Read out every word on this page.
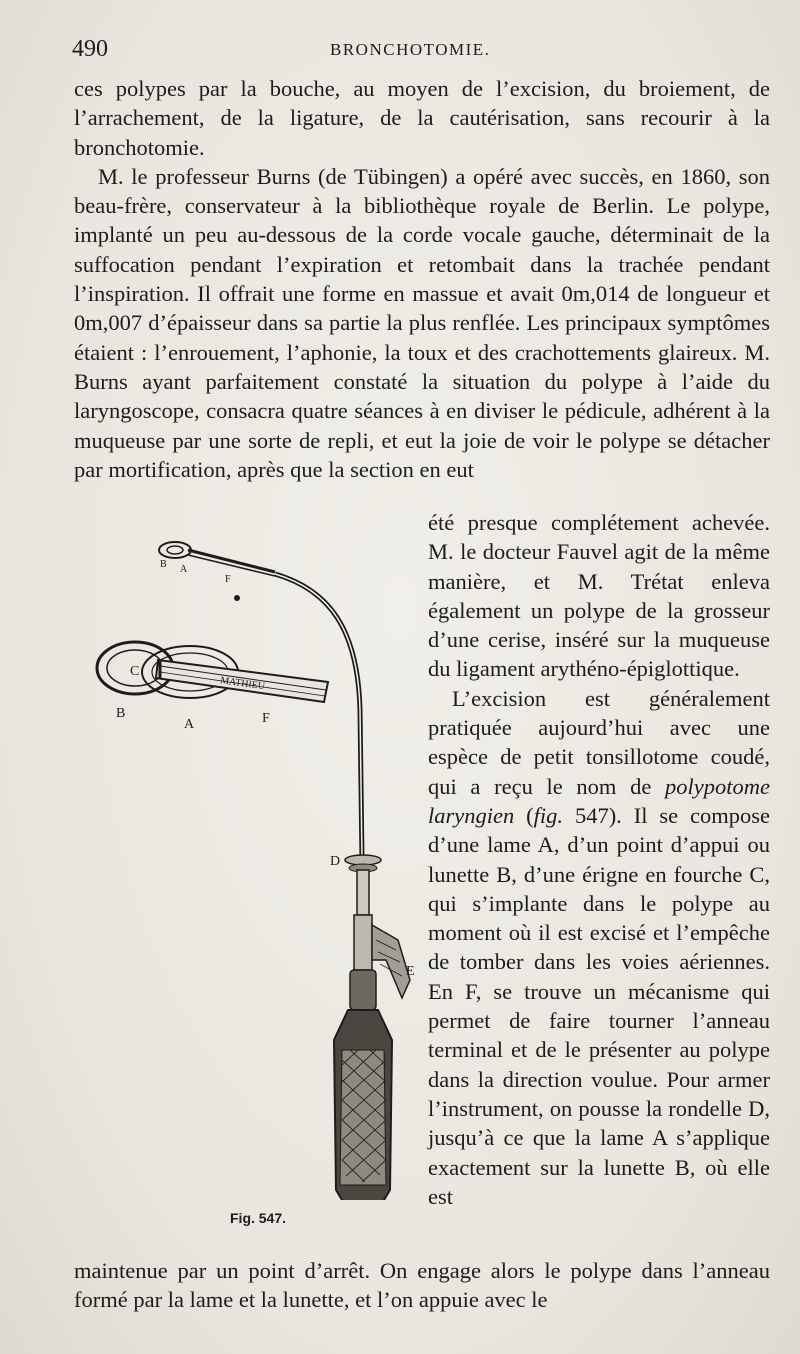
490	BRONCHOTOMIE.

ces polypes par la bouche, au moyen de l’excision, du broiement, de l’arrachement, de la ligature, de la cautérisation, sans recourir à la bronchotomie.

M. le professeur Burns (de Tübingen) a opéré avec succès, en 1860, son beau-frère, conservateur à la bibliothèque royale de Berlin. Le polype, implanté un peu au-dessous de la corde vocale gauche, déterminait de la suffocation pendant l’expiration et retombait dans la trachée pendant l’inspiration. Il offrait une forme en massue et avait 0m,014 de longueur et 0m,007 d’épaisseur dans sa partie la plus renflée. Les principaux symptômes étaient : l’enrouement, l’aphonie, la toux et des crachottements glaireux. M. Burns ayant parfaitement constaté la situation du polype à l’aide du laryngoscope, consacra quatre séances à en diviser le pédicule, adhérent à la muqueuse par une sorte de repli, et eut la joie de voir le polype se détacher par mortification, après que la section en eut

B A
F
MATHIEU
C
B
A	F
D
E
Fig. 547.

été presque complétement achevée. M. le docteur Fauvel agit de la même manière, et M. Trétat enleva également un polype de la grosseur d’une cerise, inséré sur la muqueuse du ligament arythéno-épiglottique.

L’excision est généralement pratiquée aujourd’hui avec une espèce de petit tonsillotome coudé, qui a reçu le nom de polypotome laryngien (fig. 547). Il se compose d’une lame A, d’un point d’appui ou lunette B, d’une érigne en fourche C, qui s’implante dans le polype au moment où il est excisé et l’empêche de tomber dans les voies aériennes. En F, se trouve un mécanisme qui permet de faire tourner l’anneau terminal et de le présenter au polype dans la direction voulue. Pour armer l’instrument, on pousse la rondelle D, jusqu’à ce que la lame A s’applique exactement sur la lunette B, où elle est

maintenue par un point d’arrêt. On engage alors le polype dans l’anneau formé par la lame et la lunette, et l’on appuie avec le
